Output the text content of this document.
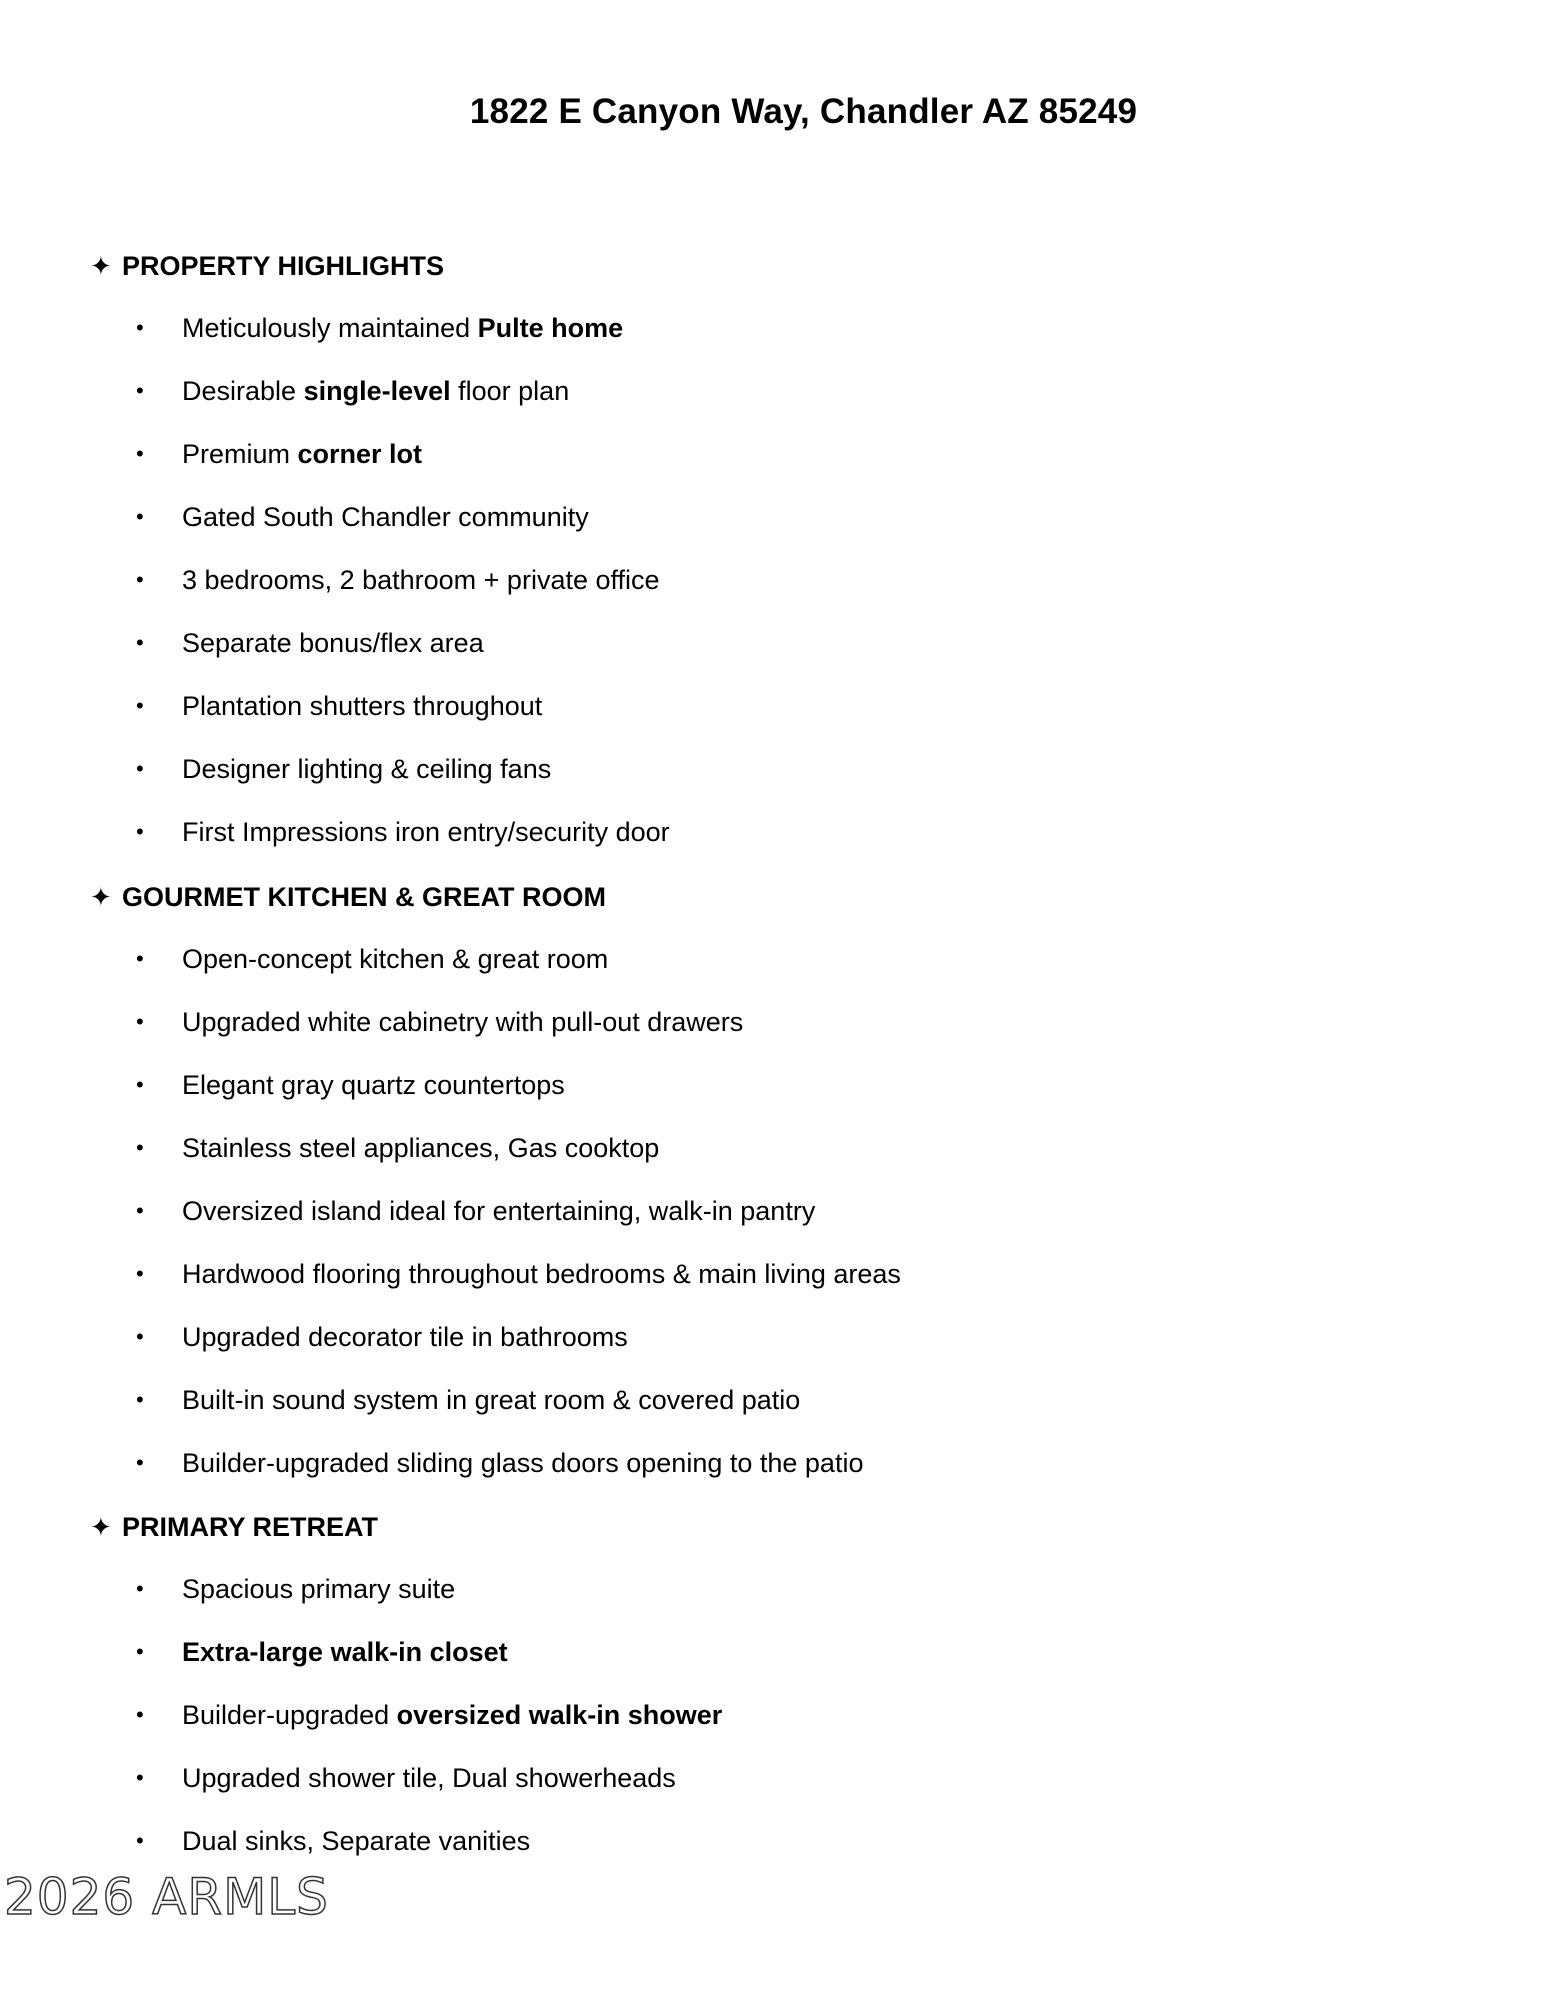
1822 E Canyon Way, Chandler AZ 85249
✦ PROPERTY HIGHLIGHTS
•	Meticulously maintained Pulte home
•	Desirable single-level floor plan
•	Premium corner lot
•	Gated South Chandler community
•	3 bedrooms, 2 bathroom + private office
•	Separate bonus/flex area
•	Plantation shutters throughout
•	Designer lighting & ceiling fans
•	First Impressions iron entry/security door
✦ GOURMET KITCHEN & GREAT ROOM
•	Open-concept kitchen & great room
•	Upgraded white cabinetry with pull-out drawers
•	Elegant gray quartz countertops
•	Stainless steel appliances, Gas cooktop
•	Oversized island ideal for entertaining, walk-in pantry
•	Hardwood flooring throughout bedrooms & main living areas
•	Upgraded decorator tile in bathrooms
•	Built-in sound system in great room & covered patio
•	Builder-upgraded sliding glass doors opening to the patio
✦ PRIMARY RETREAT
•	Spacious primary suite
•	Extra-large walk-in closet
•	Builder-upgraded oversized walk-in shower
•	Upgraded shower tile, Dual showerheads
•	Dual sinks, Separate vanities
2026 ARMLS
